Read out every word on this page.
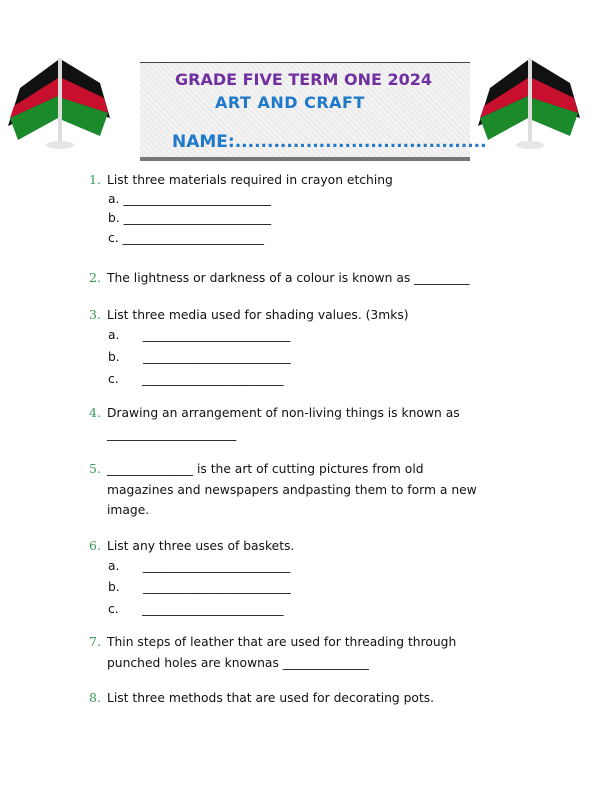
GRADE FIVE TERM ONE 2024
ART AND CRAFT
NAME:.......................................
1. List three materials required in crayon etching
a. ________________________
b. ________________________
c. _______________________
2. The lightness or darkness of a colour is known as _________
3. List three media used for shading values. (3mks)
a.      ________________________
b.      ________________________
c.      _______________________
4. Drawing an arrangement of non-living things is known as
_____________________
5. ______________ is the art of cutting pictures from old
magazines and newspapers andpasting them to form a new
image.
6. List any three uses of baskets.
a.      ________________________
b.      ________________________
c.      _______________________
7. Thin steps of leather that are used for threading through
punched holes are knownas ______________
8. List three methods that are used for decorating pots.
